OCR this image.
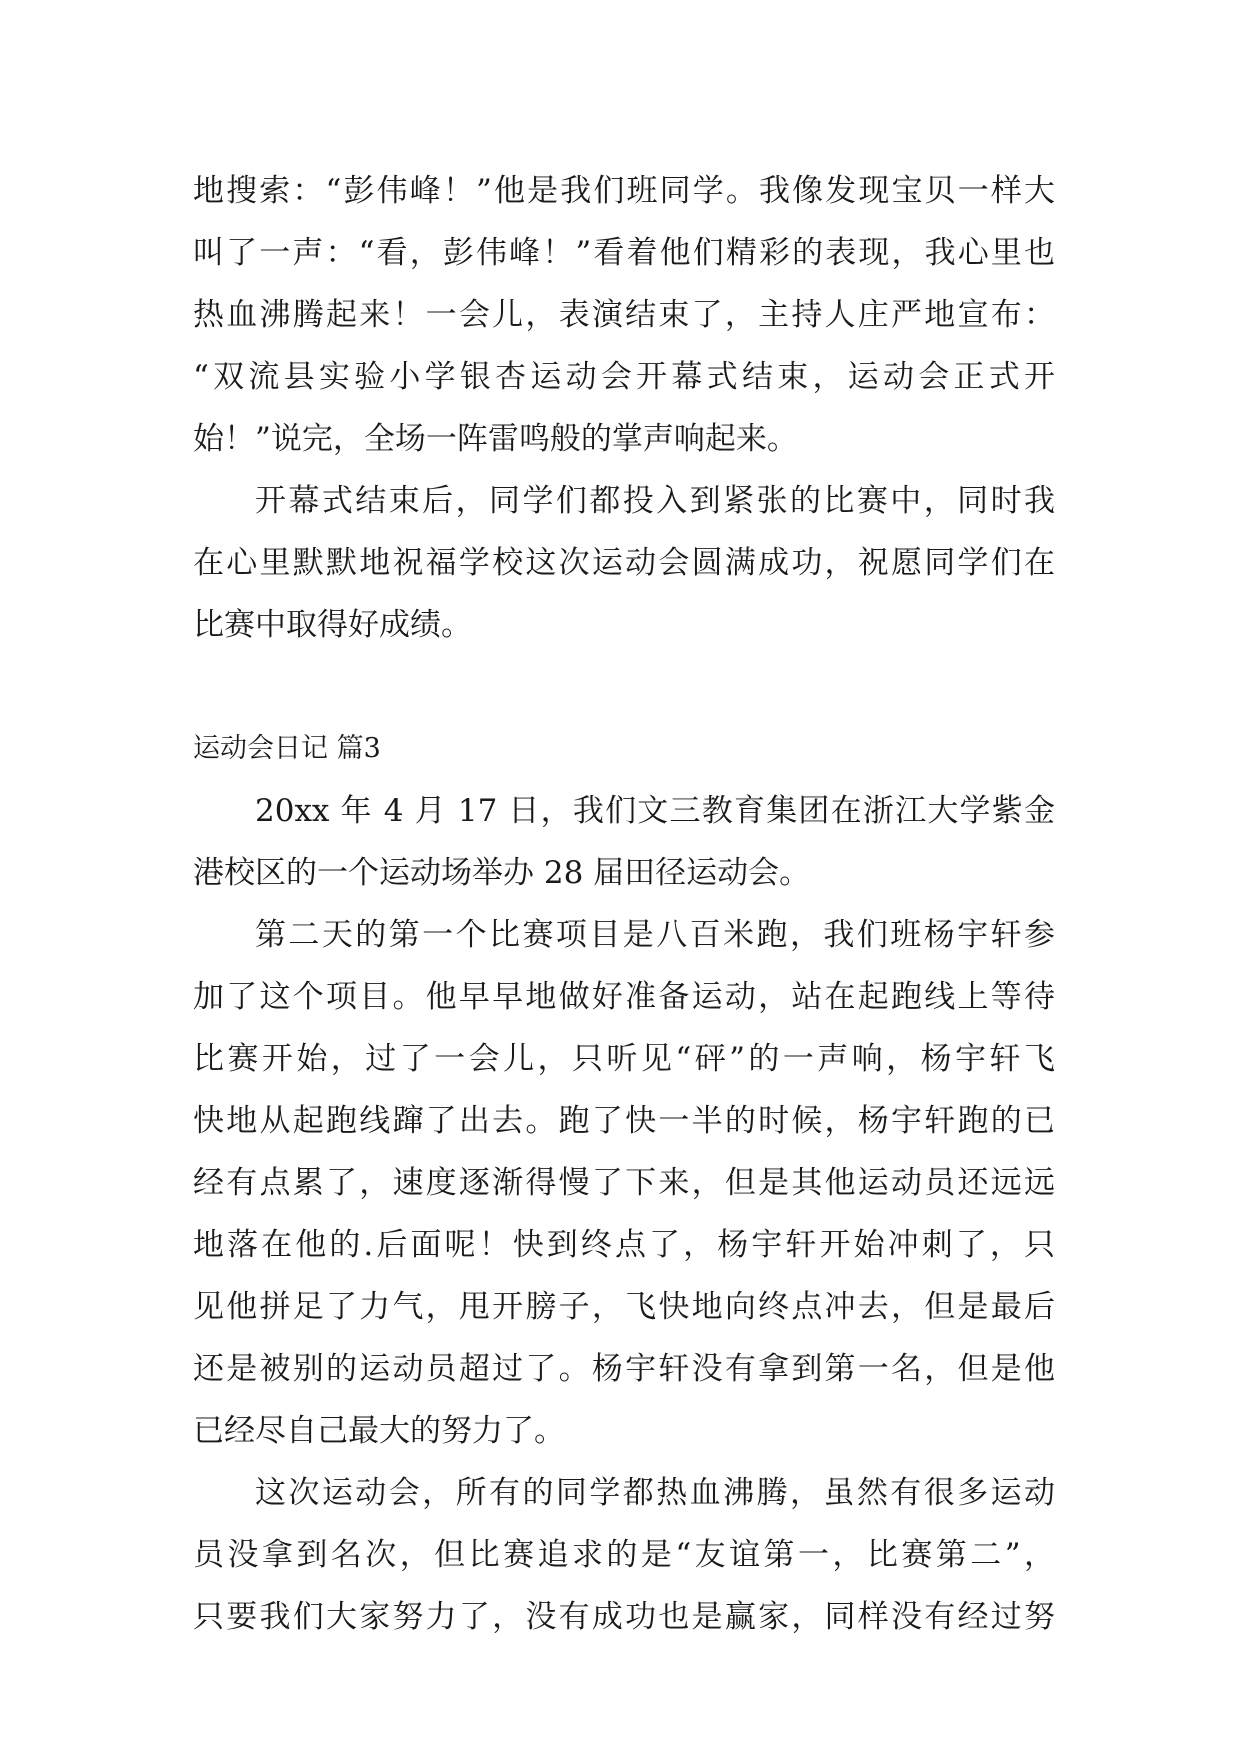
地搜索：“彭伟峰！”他是我们班同学。我像发现宝贝一样大
叫了一声：“看，彭伟峰！”看着他们精彩的表现，我心里也
热血沸腾起来！一会儿，表演结束了，主持人庄严地宣布：
“双流县实验小学银杏运动会开幕式结束，运动会正式开
始！”说完，全场一阵雷鸣般的掌声响起来。
开幕式结束后，同学们都投入到紧张的比赛中，同时我
在心里默默地祝福学校这次运动会圆满成功，祝愿同学们在
比赛中取得好成绩。
运动会日记 篇3
20xx 年 4 月 17 日，我们文三教育集团在浙江大学紫金
港校区的一个运动场举办 28 届田径运动会。
第二天的第一个比赛项目是八百米跑，我们班杨宇轩参
加了这个项目。他早早地做好准备运动，站在起跑线上等待
比赛开始，过了一会儿，只听见“砰”的一声响，杨宇轩飞
快地从起跑线蹿了出去。跑了快一半的时候，杨宇轩跑的已
经有点累了，速度逐渐得慢了下来，但是其他运动员还远远
地落在他的.后面呢！快到终点了，杨宇轩开始冲刺了，只
见他拼足了力气，甩开膀子，飞快地向终点冲去，但是最后
还是被别的运动员超过了。杨宇轩没有拿到第一名，但是他
已经尽自己最大的努力了。
这次运动会，所有的同学都热血沸腾，虽然有很多运动
员没拿到名次，但比赛追求的是“友谊第一，比赛第二”，
只要我们大家努力了，没有成功也是赢家，同样没有经过努
